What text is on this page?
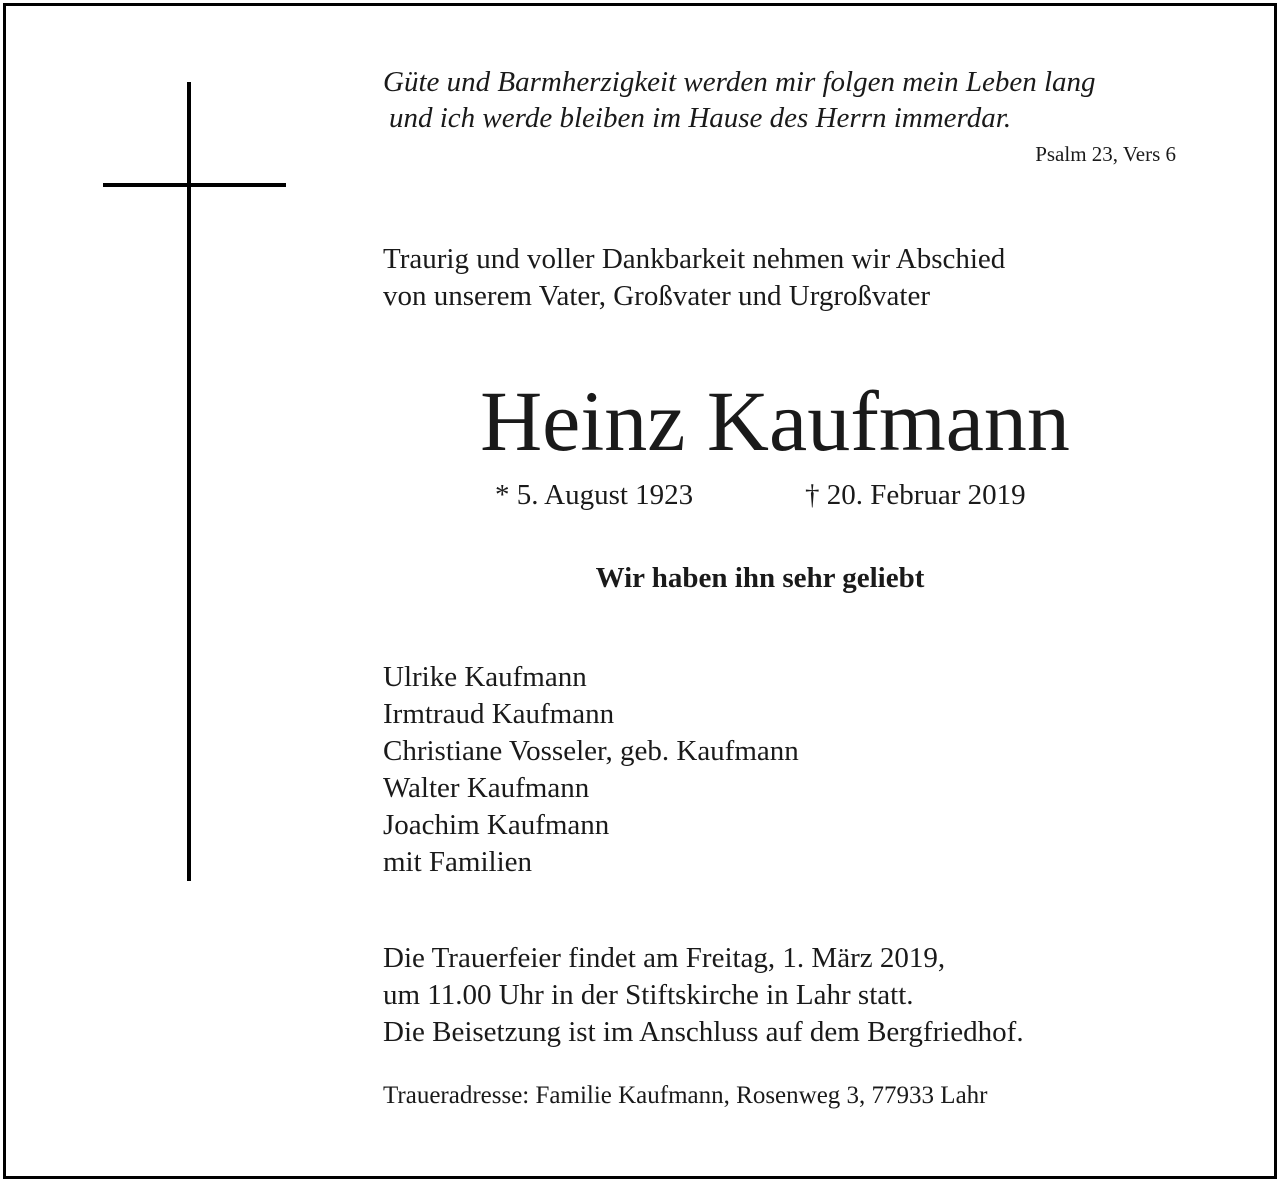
Güte und Barmherzigkeit werden mir folgen mein Leben lang
und ich werde bleiben im Hause des Herrn immerdar.
Psalm 23, Vers 6
Traurig und voller Dankbarkeit nehmen wir Abschied
von unserem Vater, Großvater und Urgroßvater
Heinz Kaufmann
* 5. August 1923	† 20. Februar 2019
Wir haben ihn sehr geliebt
Ulrike Kaufmann
Irmtraud Kaufmann
Christiane Vosseler, geb. Kaufmann
Walter Kaufmann
Joachim Kaufmann
mit Familien
Die Trauerfeier findet am Freitag, 1. März 2019,
um 11.00 Uhr in der Stiftskirche in Lahr statt.
Die Beisetzung ist im Anschluss auf dem Bergfriedhof.
Traueradresse: Familie Kaufmann, Rosenweg 3, 77933 Lahr
